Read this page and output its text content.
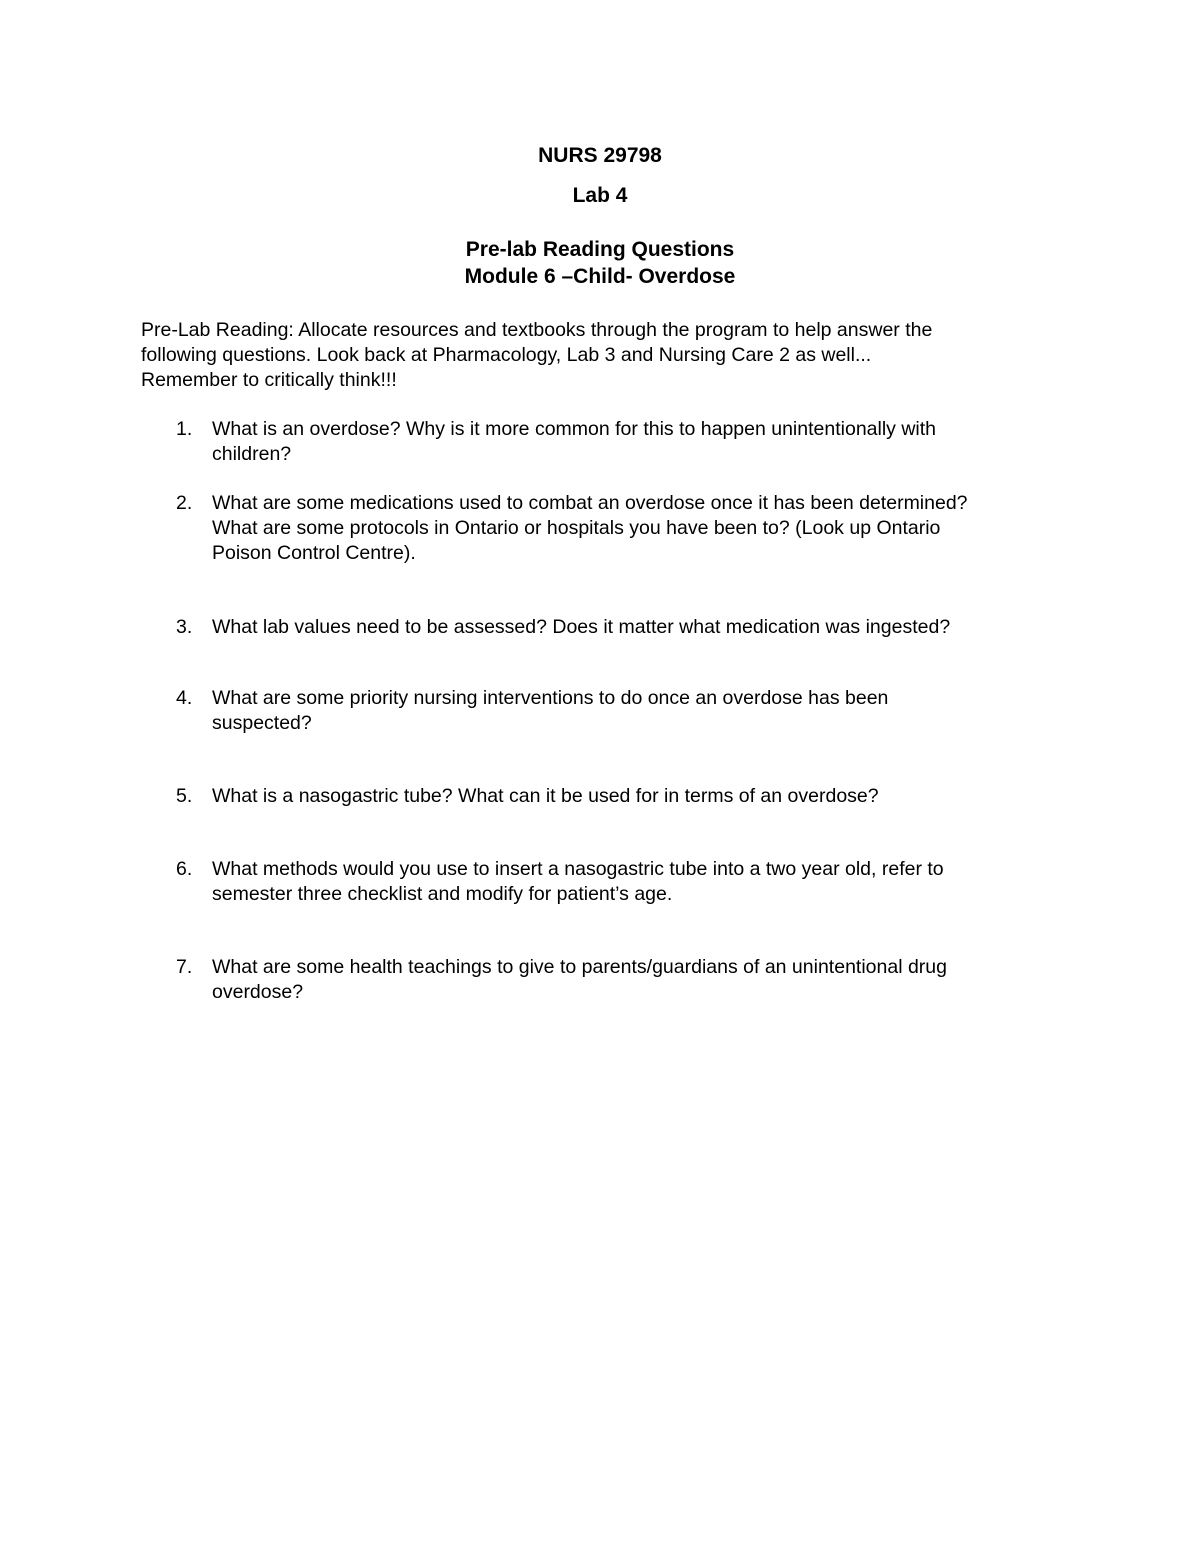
NURS 29798
Lab 4
Pre-lab Reading Questions
Module 6 –Child- Overdose
Pre-Lab Reading: Allocate resources and textbooks through the program to help answer the
following questions. Look back at Pharmacology, Lab 3 and Nursing Care 2 as well...
Remember to critically think!!!
1. What is an overdose? Why is it more common for this to happen unintentionally with
children?
2. What are some medications used to combat an overdose once it has been determined?
What are some protocols in Ontario or hospitals you have been to? (Look up Ontario
Poison Control Centre).
3. What lab values need to be assessed? Does it matter what medication was ingested?
4. What are some priority nursing interventions to do once an overdose has been
suspected?
5. What is a nasogastric tube? What can it be used for in terms of an overdose?
6. What methods would you use to insert a nasogastric tube into a two year old, refer to
semester three checklist and modify for patient’s age.
7. What are some health teachings to give to parents/guardians of an unintentional drug
overdose?
